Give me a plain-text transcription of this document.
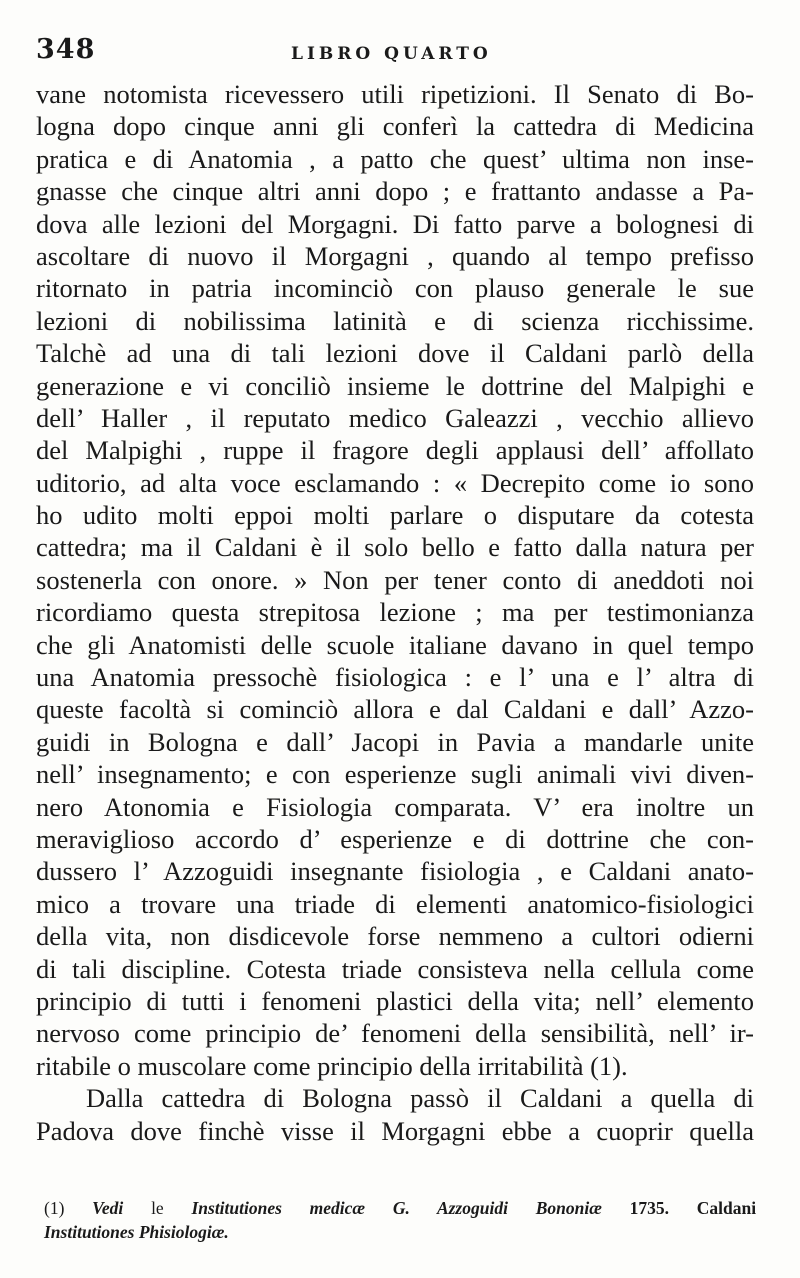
348	LIBRO QUARTO
vane notomista ricevessero utili ripetizioni. Il Senato di Bo-
logna dopo cinque anni gli conferì la cattedra di Medicina
pratica e di Anatomia , a patto che quest’ ultima non inse-
gnasse che cinque altri anni dopo ; e frattanto andasse a Pa-
dova alle lezioni del Morgagni. Di fatto parve a bolognesi di
ascoltare di nuovo il Morgagni , quando al tempo prefisso
ritornato in patria incominciò con plauso generale le sue
lezioni di nobilissima latinità e di scienza ricchissime.
Talchè ad una di tali lezioni dove il Caldani parlò della
generazione e vi conciliò insieme le dottrine del Malpighi e
dell’ Haller , il reputato medico Galeazzi , vecchio allievo
del Malpighi , ruppe il fragore degli applausi dell’ affollato
uditorio, ad alta voce esclamando : « Decrepito come io sono
ho udito molti eppoi molti parlare o disputare da cotesta
cattedra; ma il Caldani è il solo bello e fatto dalla natura per
sostenerla con onore. » Non per tener conto di aneddoti noi
ricordiamo questa strepitosa lezione ; ma per testimonianza
che gli Anatomisti delle scuole italiane davano in quel tempo
una Anatomia pressochè fisiologica : e l’ una e l’ altra di
queste facoltà si cominciò allora e dal Caldani e dall’ Azzo-
guidi in Bologna e dall’ Jacopi in Pavia a mandarle unite
nell’ insegnamento; e con esperienze sugli animali vivi diven-
nero Atonomia e Fisiologia comparata. V’ era inoltre un
meraviglioso accordo d’ esperienze e di dottrine che con-
dussero l’ Azzoguidi insegnante fisiologia , e Caldani anato-
mico a trovare una triade di elementi anatomico-fisiologici
della vita, non disdicevole forse nemmeno a cultori odierni
di tali discipline. Cotesta triade consisteva nella cellula come
principio di tutti i fenomeni plastici della vita; nell’ elemento
nervoso come principio de’ fenomeni della sensibilità, nell’ ir-
ritabile o muscolare come principio della irritabilità (1).
Dalla cattedra di Bologna passò il Caldani a quella di
Padova dove finchè visse il Morgagni ebbe a cuoprir quella
(1) Vedi le Institutiones medicæ G. Azzoguidi Bononiæ 1735. Caldani
Institutiones Phisiologiæ.
